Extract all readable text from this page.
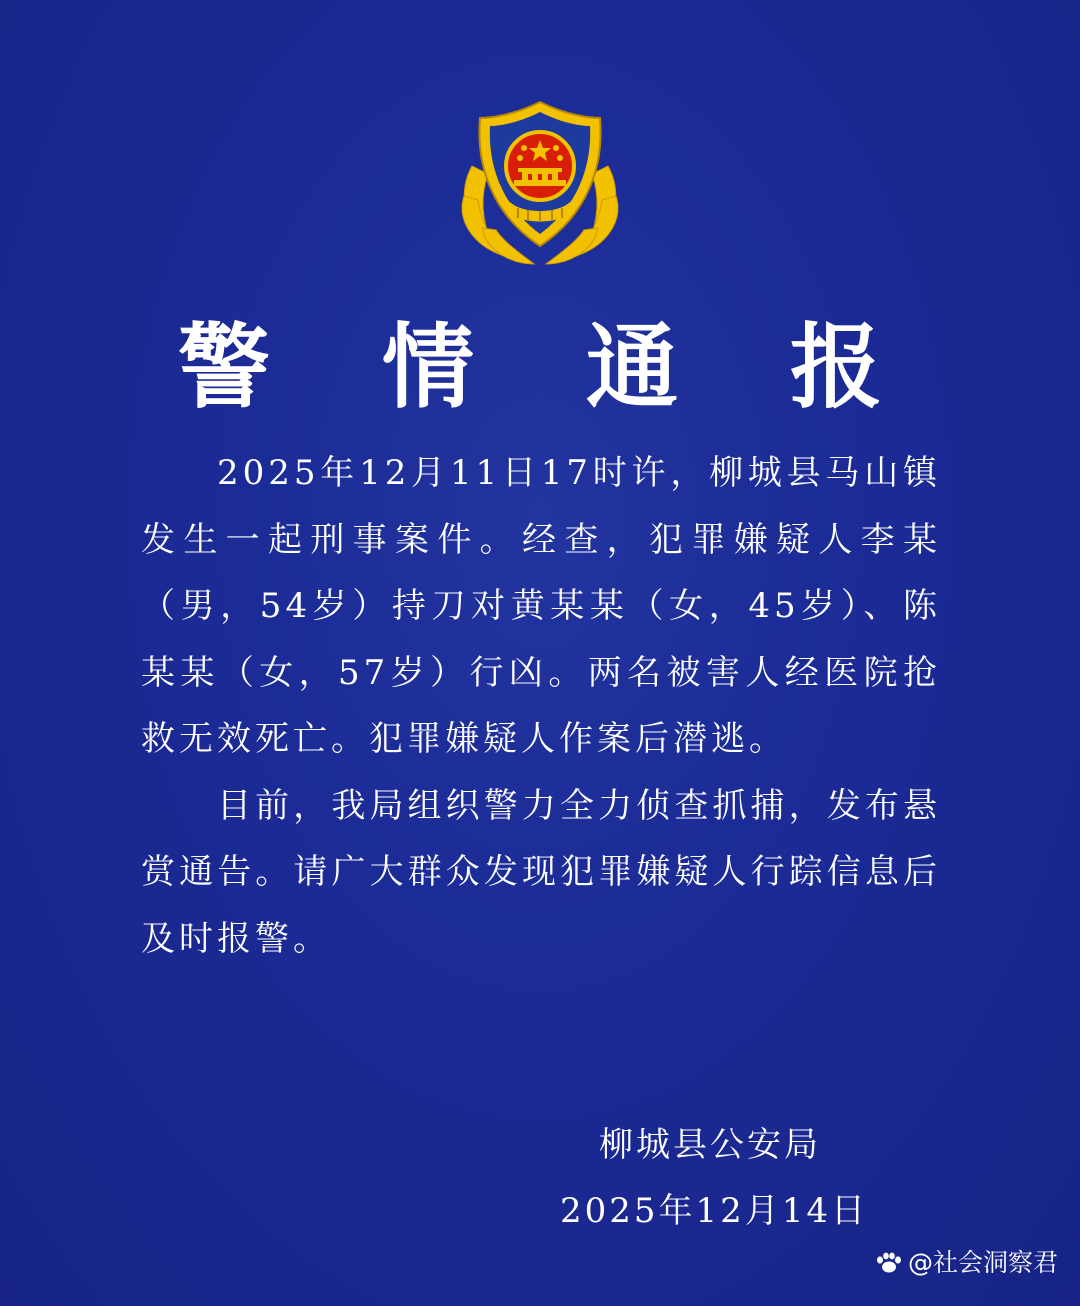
警 情 通 报

2025年12月11日17时许，柳城县马山镇发生一起刑事案件。经查，犯罪嫌疑人李某（男，54岁）持刀对黄某某（女，45岁）、陈某某（女，57岁）行凶。两名被害人经医院抢救无效死亡。犯罪嫌疑人作案后潜逃。

目前，我局组织警力全力侦查抓捕，发布悬赏通告。请广大群众发现犯罪嫌疑人行踪信息后及时报警。

柳城县公安局
2025年12月14日
@社会洞察君
